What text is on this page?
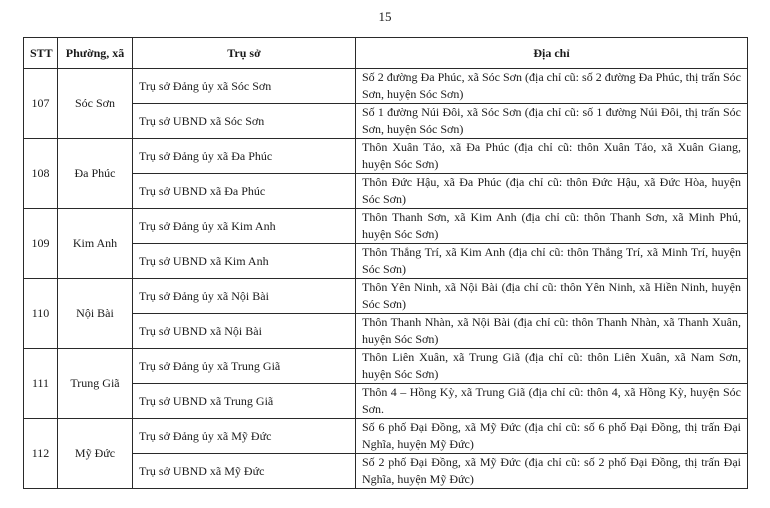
15
STT	Phường, xã	Trụ sở	Địa chỉ
107	Sóc Sơn	Trụ sở Đảng ủy xã Sóc Sơn	Số 2 đường Đa Phúc, xã Sóc Sơn (địa chỉ cũ: số 2 đường Đa Phúc, thị trấn Sóc Sơn, huyện Sóc Sơn)
		Trụ sở UBND xã Sóc Sơn	Số 1 đường Núi Đôi, xã Sóc Sơn (địa chỉ cũ: số 1 đường Núi Đôi, thị trấn Sóc Sơn, huyện Sóc Sơn)
108	Đa Phúc	Trụ sở Đảng ủy xã Đa Phúc	Thôn Xuân Tảo, xã Đa Phúc (địa chỉ cũ: thôn Xuân Tảo, xã Xuân Giang, huyện Sóc Sơn)
		Trụ sở UBND xã Đa Phúc	Thôn Đức Hậu, xã Đa Phúc (địa chỉ cũ: thôn Đức Hậu, xã Đức Hòa, huyện Sóc Sơn)
109	Kim Anh	Trụ sở Đảng ủy xã Kim Anh	Thôn Thanh Sơn, xã Kim Anh (địa chỉ cũ: thôn Thanh Sơn, xã Minh Phú, huyện Sóc Sơn)
		Trụ sở UBND xã Kim Anh	Thôn Thắng Trí, xã Kim Anh (địa chỉ cũ: thôn Thắng Trí, xã Minh Trí, huyện Sóc Sơn)
110	Nội Bài	Trụ sở Đảng ủy xã Nội Bài	Thôn Yên Ninh, xã Nội Bài (địa chỉ cũ: thôn Yên Ninh, xã Hiền Ninh, huyện Sóc Sơn)
		Trụ sở UBND xã Nội Bài	Thôn Thanh Nhàn, xã Nội Bài (địa chỉ cũ: thôn Thanh Nhàn, xã Thanh Xuân, huyện Sóc Sơn)
111	Trung Giã	Trụ sở Đảng ủy xã Trung Giã	Thôn Liên Xuân, xã Trung Giã (địa chỉ cũ: thôn Liên Xuân, xã Nam Sơn, huyện Sóc Sơn)
		Trụ sở UBND xã Trung Giã	Thôn 4 – Hồng Kỳ, xã Trung Giã (địa chỉ cũ: thôn 4, xã Hồng Kỳ, huyện Sóc Sơn.
112	Mỹ Đức	Trụ sở Đảng ủy xã Mỹ Đức	Số 6 phố Đại Đồng, xã Mỹ Đức (địa chỉ cũ: số 6 phố Đại Đồng, thị trấn Đại Nghĩa, huyện Mỹ Đức)
		Trụ sở UBND xã Mỹ Đức	Số 2 phố Đại Đồng, xã Mỹ Đức (địa chỉ cũ: số 2 phố Đại Đồng, thị trấn Đại Nghĩa, huyện Mỹ Đức)
